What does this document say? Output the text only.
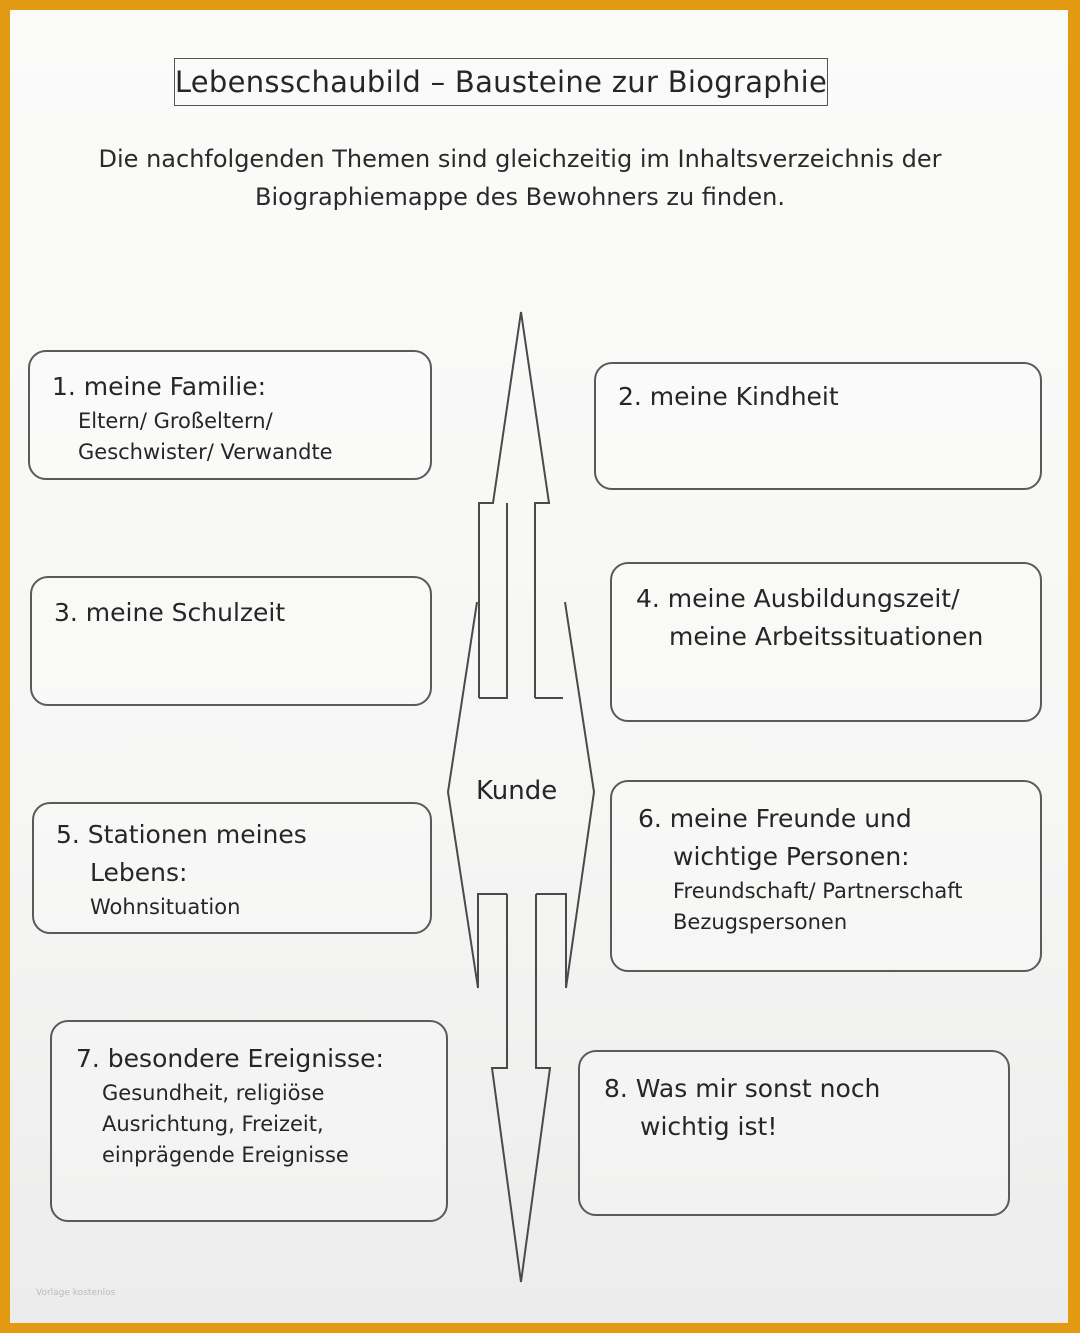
Lebensschaubild – Bausteine zur Biographie
Die nachfolgenden Themen sind gleichzeitig im Inhaltsverzeichnis der
Biographiemappe des Bewohners zu finden.
Kunde
1. meine Familie:
Eltern/ Großeltern/
Geschwister/ Verwandte
2. meine Kindheit
3. meine Schulzeit	4. meine Ausbildungszeit/
meine Arbeitssituationen
5. Stationen meines
Lebens:
Wohnsituation
6. meine Freunde und
wichtige Personen:
Freundschaft/ Partnerschaft
Bezugspersonen
7. besondere Ereignisse:
Gesundheit, religiöse
Ausrichtung, Freizeit,
einprägende Ereignisse
8. Was mir sonst noch
wichtig ist!
Vorlage kostenlos
